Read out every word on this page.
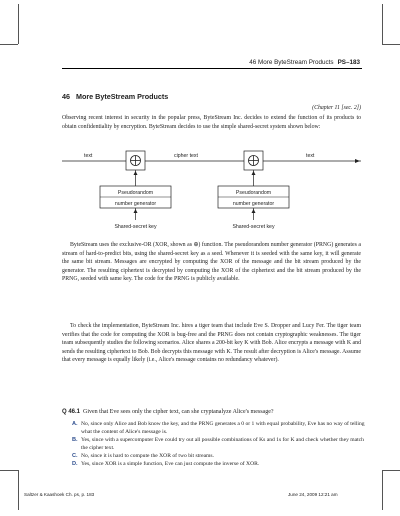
46 More ByteStream Products PS–183
46 More ByteStream Products
(Chapter 11 [sec. 2])

Observing recent interest in security in the popular press, ByteStream Inc. decides to extend the function of its products to obtain confidentiality by encryption. ByteStream decides to use the simple shared-secret system shown below:

text	cipher text	text
Pseudorandom
number generator
Pseudorandom
number generator
Shared-secret key	Shared-secret key

ByteStream uses the exclusive-OR (XOR, shown as ⊕) function. The pseudorandom number generator (PRNG) generates a stream of hard-to-predict bits, using the shared-secret key as a seed. Whenever it is seeded with the same key, it will generate the same bit stream. Messages are encrypted by computing the XOR of the message and the bit stream produced by the generator. The resulting ciphertext is decrypted by computing the XOR of the ciphertext and the bit stream produced by the PRNG, seeded with same key. The code for the PRNG is publicly available.

To check the implementation, ByteStream Inc. hires a tiger team that include Eve S. Dropper and Lucy Fer. The tiger team verifies that the code for computing the XOR is bug-free and the PRNG does not contain cryptographic weaknesses. The tiger team subsequently studies the following scenarios. Alice shares a 200-bit key K with Bob. Alice encrypts a message with K and sends the resulting ciphertext to Bob. Bob decrypts this message with K. The result after decryption is Alice's message. Assume that every message is equally likely (i.e., Alice's message contains no redundancy whatever).

Q 46.1 Given that Eve sees only the cipher text, can she cryptanalyze Alice's message?
A. No, since only Alice and Bob know the key, and the PRNG generates a 0 or 1 with equal probability, Eve has no way of telling what the content of Alice's message is.
B. Yes, since with a supercomputer Eve could try out all possible combinations of Ks and 1s for K and check whether they match the cipher text.
C. No, since it is hard to compute the XOR of two bit streams.
D. Yes, since XOR is a simple function, Eve can just compute the inverse of XOR.
Saltzer & Kaashoek Ch. ps, p. 183	June 24, 2009 12:21 am
